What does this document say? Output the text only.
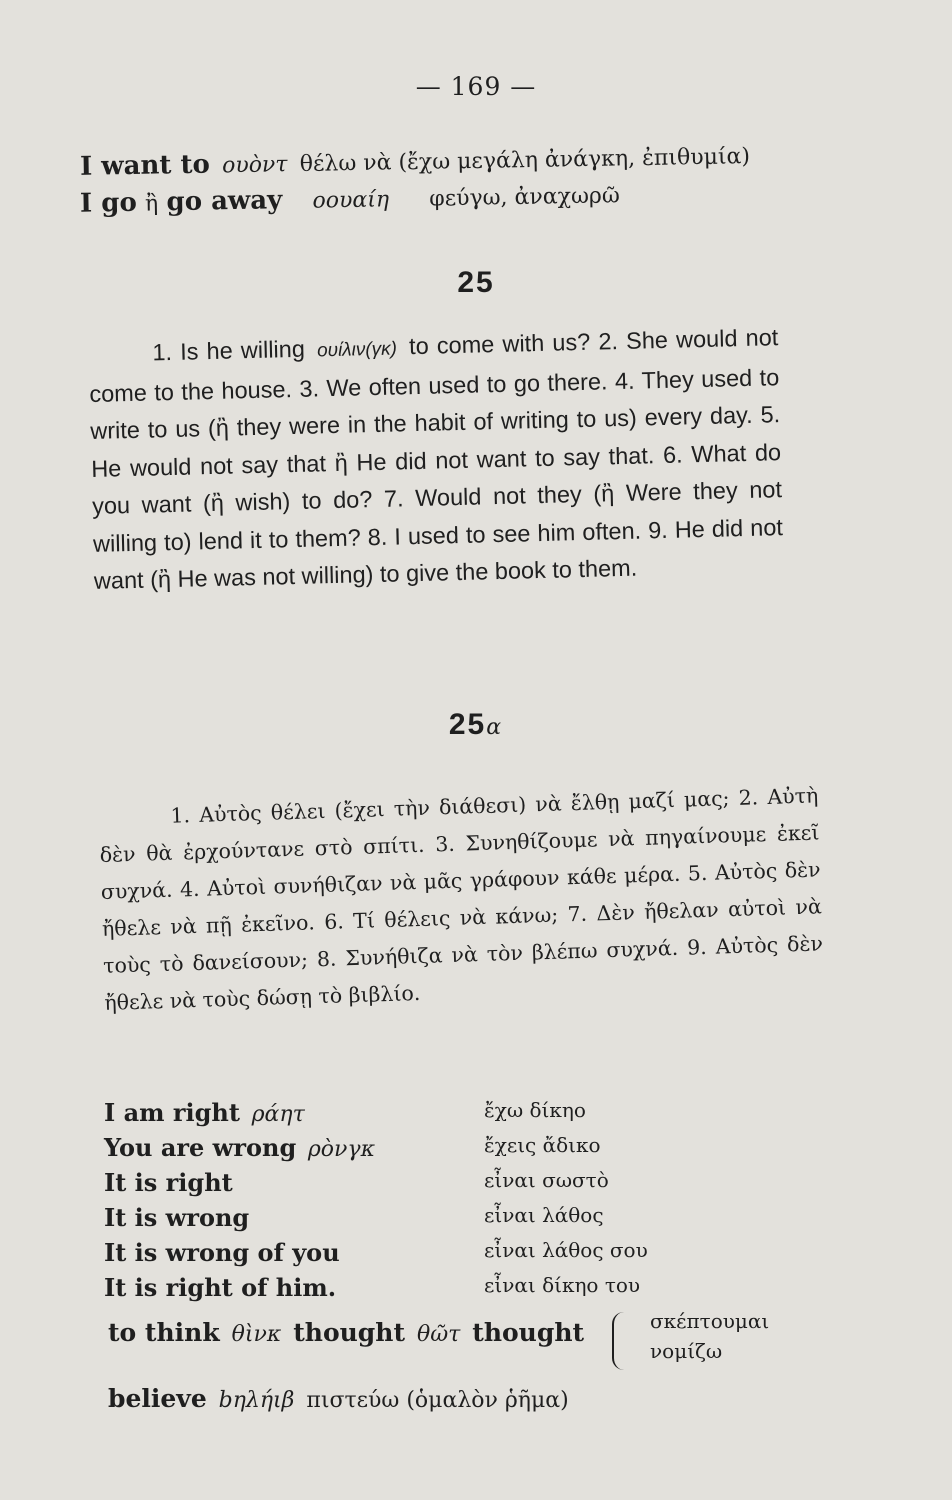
— 169 —
I want to ουὸντ θέλω νὰ (ἔχω μεγάλη ἀνάγκη, ἐπιθυμία)
I go ἢ go away οουαίη φεύγω, ἀναχωρῶ
25
1. Is he willing ουίλιν(γκ) to come with us? 2. She would not come to the house. 3. We often used to go there. 4. They used to write to us (ἢ they were in the habit of writing to us) every day. 5. He would not say that ἢ He did not want to say that. 6. What do you want (ἢ wish) to do? 7. Would not they (ἢ Were they not willing to) lend it to them? 8. I used to see him often. 9. He did not want (ἢ He was not willing) to give the book to them.
25α
1. Αὐτὸς θέλει (ἔχει τὴν διάθεσι) νὰ ἔλθῃ μαζί μας; 2. Αὐτὴ δὲν θὰ ἐρχούντανε στὸ σπίτι. 3. Συνηθίζουμε νὰ πηγαίνουμε ἐκεῖ συχνά. 4. Αὐτοὶ συνήθιζαν νὰ μᾶς γράφουν κάθε μέρα. 5. Αὐτὸς δὲν ἤθελε νὰ πῇ ἐκεῖνο. 6. Τί θέλεις νὰ κάνω; 7. Δὲν ἤθελαν αὐτοὶ νὰ τοὺς τὸ δανείσουν; 8. Συνήθιζα νὰ τὸν βλέπω συχνά. 9. Αὐτὸς δὲν ἤθελε νὰ τοὺς δώσῃ τὸ βιβλίο.
I am right ράητ	ἔχω δίκηο
You are wrong ρὸνγκ	ἔχεις ἄδικο
It is right	εἶναι σωστὸ
It is wrong	εἶναι λάθος
It is wrong of you	εἶναι λάθος σου
It is right of him.	εἶναι δίκηο του
to think θὶνκ thought θῶτ thought	σκέπτουμαι
νομίζω
believe bηλήιβ πιστεύω (ὁμαλὸν ῥῆμα)
